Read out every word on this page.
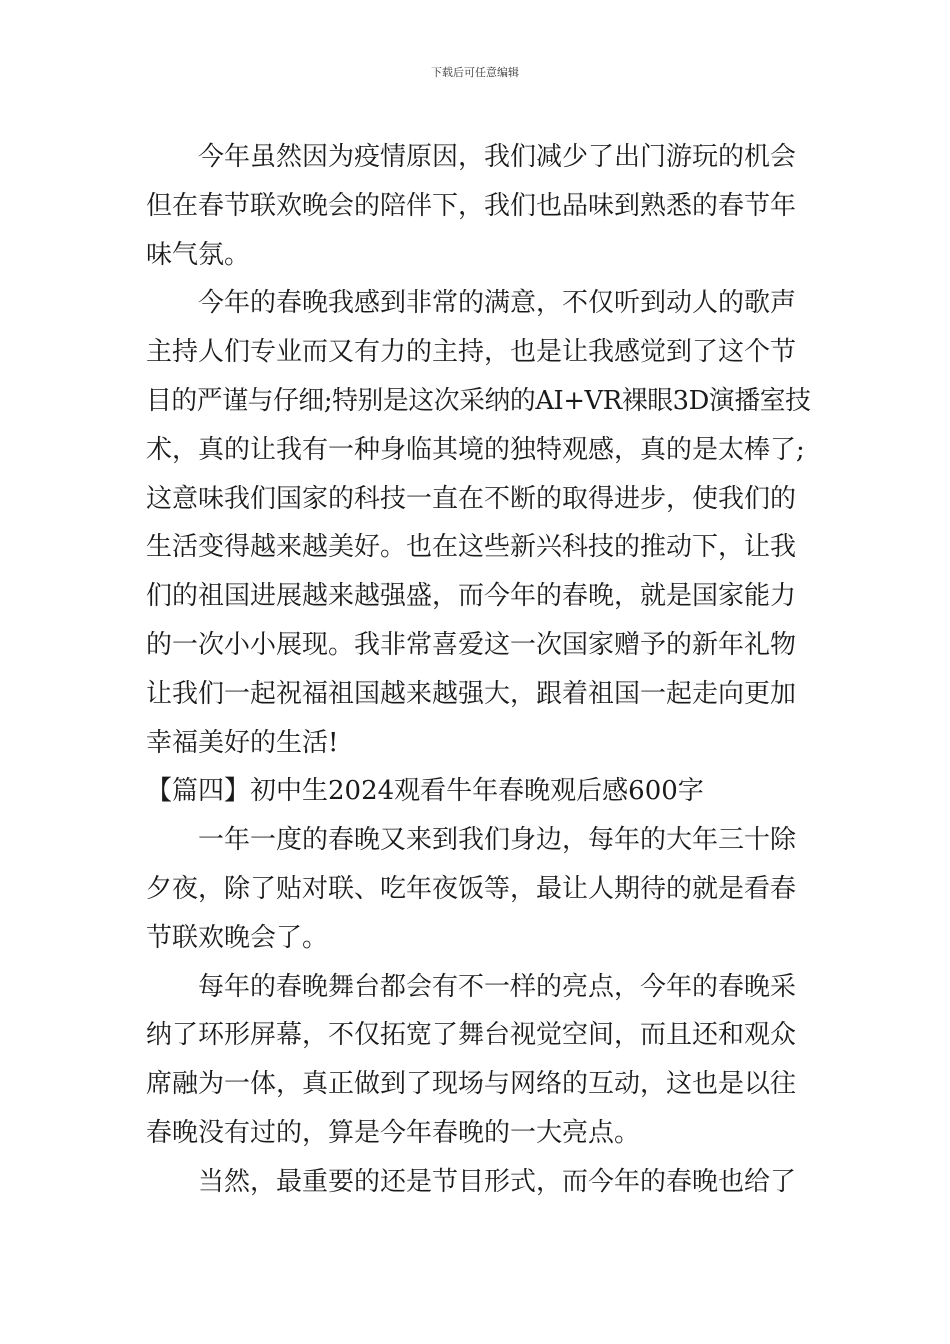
下载后可任意编辑
今年虽然因为疫情原因，我们减少了出门游玩的机会
但在春节联欢晚会的陪伴下，我们也品味到熟悉的春节年
味气氛。
今年的春晚我感到非常的满意，不仅听到动人的歌声
主持人们专业而又有力的主持，也是让我感觉到了这个节
目的严谨与仔细;特别是这次采纳的AI+VR裸眼3D演播室技
术，真的让我有一种身临其境的独特观感，真的是太棒了;
这意味我们国家的科技一直在不断的取得进步，使我们的
生活变得越来越美好。也在这些新兴科技的推动下，让我
们的祖国进展越来越强盛，而今年的春晚，就是国家能力
的一次小小展现。我非常喜爱这一次国家赠予的新年礼物
让我们一起祝福祖国越来越强大，跟着祖国一起走向更加
幸福美好的生活!
【篇四】初中生2024观看牛年春晚观后感600字
一年一度的春晚又来到我们身边，每年的大年三十除
夕夜，除了贴对联、吃年夜饭等，最让人期待的就是看春
节联欢晚会了。
每年的春晚舞台都会有不一样的亮点，今年的春晚采
纳了环形屏幕，不仅拓宽了舞台视觉空间，而且还和观众
席融为一体，真正做到了现场与网络的互动，这也是以往
春晚没有过的，算是今年春晚的一大亮点。
当然，最重要的还是节目形式，而今年的春晚也给了
